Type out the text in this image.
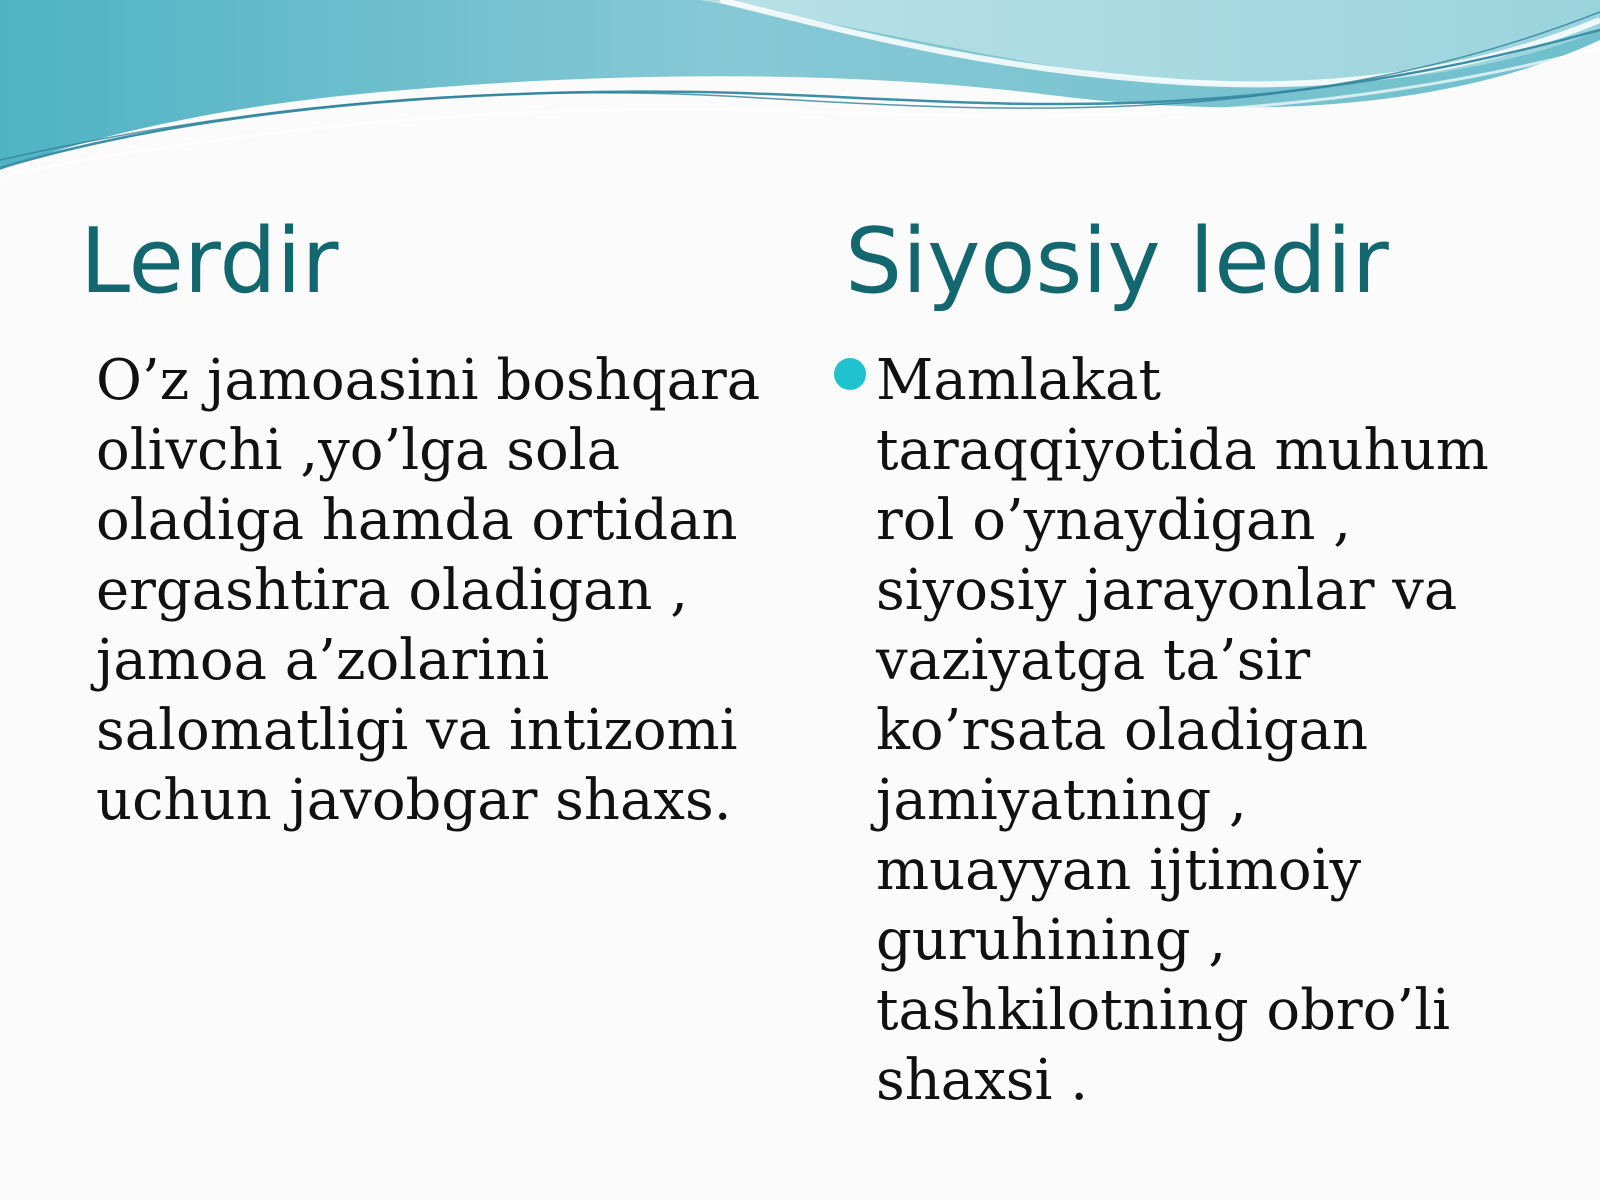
Lerdir	Siyosiy ledir

O’z jamoasini boshqara
olivchi ,yo’lga sola
oladiga hamda ortidan
ergashtira oladigan ,
jamoa a’zolarini
salomatligi va intizomi
uchun javobgar shaxs.

Mamlakat
taraqqiyotida muhum
rol o’ynaydigan ,
siyosiy jarayonlar va
vaziyatga ta’sir
ko’rsata oladigan
jamiyatning ,
muayyan ijtimoiy
guruhining ,
tashkilotning obro’li
shaxsi .
